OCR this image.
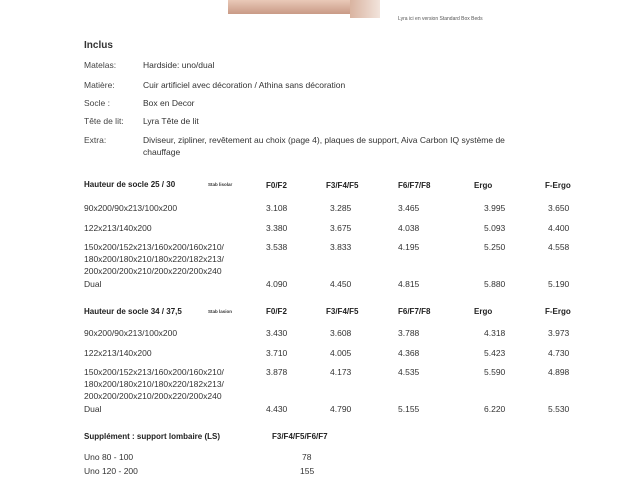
Lyra ici en version Standard Box Beds
Inclus
Matelas:	Hardside: uno/dual
Matière:	Cuir artificiel avec décoration / Athina sans décoration
Socle :	Box en Decor
Tête de lit: Lyra Tête de lit
Extra:	Diviseur, zipliner, revêtement au choix (page 4), plaques de support, Aiva Carbon IQ système de
chauffage
Hauteur de socle 25 / 30	Stab lisolar	F0/F2	F3/F4/F5	F6/F7/F8	Ergo	F-Ergo
90x200/90x213/100x200	3.108	3.285	3.465	3.995	3.650
122x213/140x200	3.380	3.675	4.038	5.093	4.400
150x200/152x213/160x200/160x210/
180x200/180x210/180x220/182x213/
200x200/200x210/200x220/200x240
3.538	3.833	4.195	5.250	4.558
Dual	4.090	4.450	4.815	5.880	5.190
Hauteur de socle 34 / 37,5	Stab lasion	F0/F2	F3/F4/F5	F6/F7/F8	Ergo	F-Ergo
90x200/90x213/100x200	3.430	3.608	3.788	4.318	3.973
122x213/140x200	3.710	4.005	4.368	5.423	4.730
150x200/152x213/160x200/160x210/
180x200/180x210/180x220/182x213/
200x200/200x210/200x220/200x240
3.878	4.173	4.535	5.590	4.898
Dual	4.430	4.790	5.155	6.220	5.530
Supplément : support lombaire (LS)	F3/F4/F5/F6/F7
Uno 80 - 100	78
Uno 120 - 200	155
